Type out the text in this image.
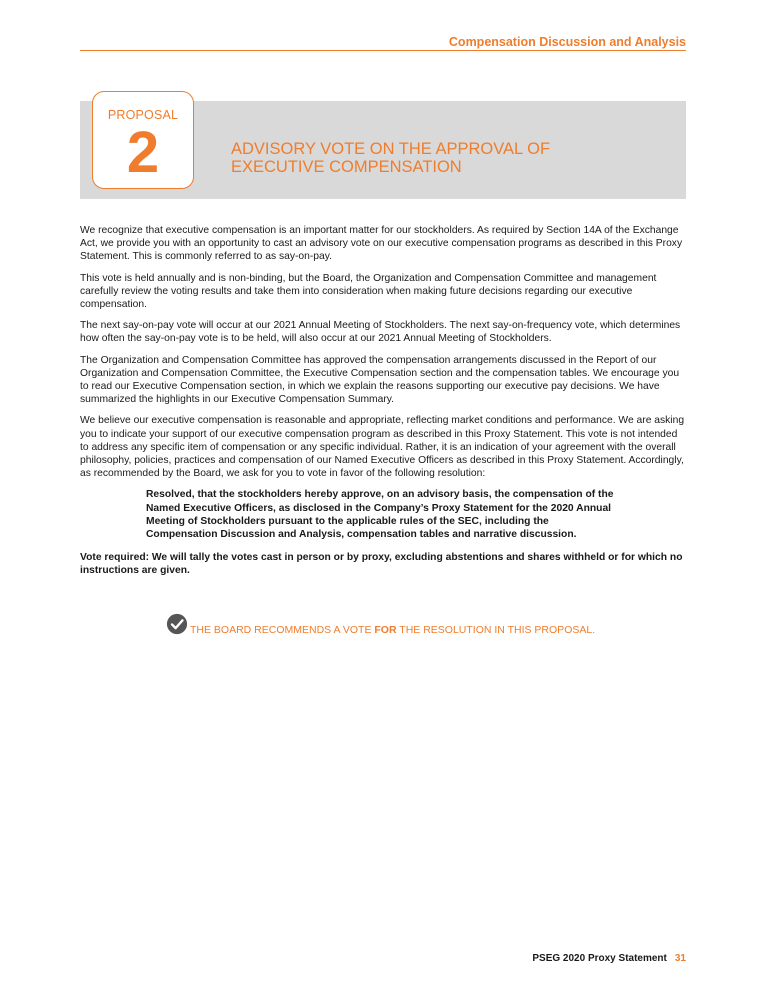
Compensation Discussion and Analysis
PROPOSAL
2	ADVISORY VOTE ON THE APPROVAL OF
EXECUTIVE COMPENSATION

We recognize that executive compensation is an important matter for our stockholders. As required by Section 14A of the Exchange Act, we provide you with an opportunity to cast an advisory vote on our executive compensation programs as described in this Proxy Statement. This is commonly referred to as say-on-pay.

This vote is held annually and is non-binding, but the Board, the Organization and Compensation Committee and management carefully review the voting results and take them into consideration when making future decisions regarding our executive compensation.

The next say-on-pay vote will occur at our 2021 Annual Meeting of Stockholders. The next say-on-frequency vote, which determines how often the say-on-pay vote is to be held, will also occur at our 2021 Annual Meeting of Stockholders.

The Organization and Compensation Committee has approved the compensation arrangements discussed in the Report of our Organization and Compensation Committee, the Executive Compensation section and the compensation tables. We encourage you to read our Executive Compensation section, in which we explain the reasons supporting our executive pay decisions. We have summarized the highlights in our Executive Compensation Summary.

We believe our executive compensation is reasonable and appropriate, reflecting market conditions and performance. We are asking you to indicate your support of our executive compensation program as described in this Proxy Statement. This vote is not intended to address any specific item of compensation or any specific individual. Rather, it is an indication of your agreement with the overall philosophy, policies, practices and compensation of our Named Executive Officers as described in this Proxy Statement. Accordingly, as recommended by the Board, we ask for you to vote in favor of the following resolution:

Resolved, that the stockholders hereby approve, on an advisory basis, the compensation of the Named Executive Officers, as disclosed in the Company’s Proxy Statement for the 2020 Annual Meeting of Stockholders pursuant to the applicable rules of the SEC, including the Compensation Discussion and Analysis, compensation tables and narrative discussion.

Vote required: We will tally the votes cast in person or by proxy, excluding abstentions and shares withheld or for which no instructions are given.

THE BOARD RECOMMENDS A VOTE FOR THE RESOLUTION IN THIS PROPOSAL.
PSEG 2020 Proxy Statement 31
